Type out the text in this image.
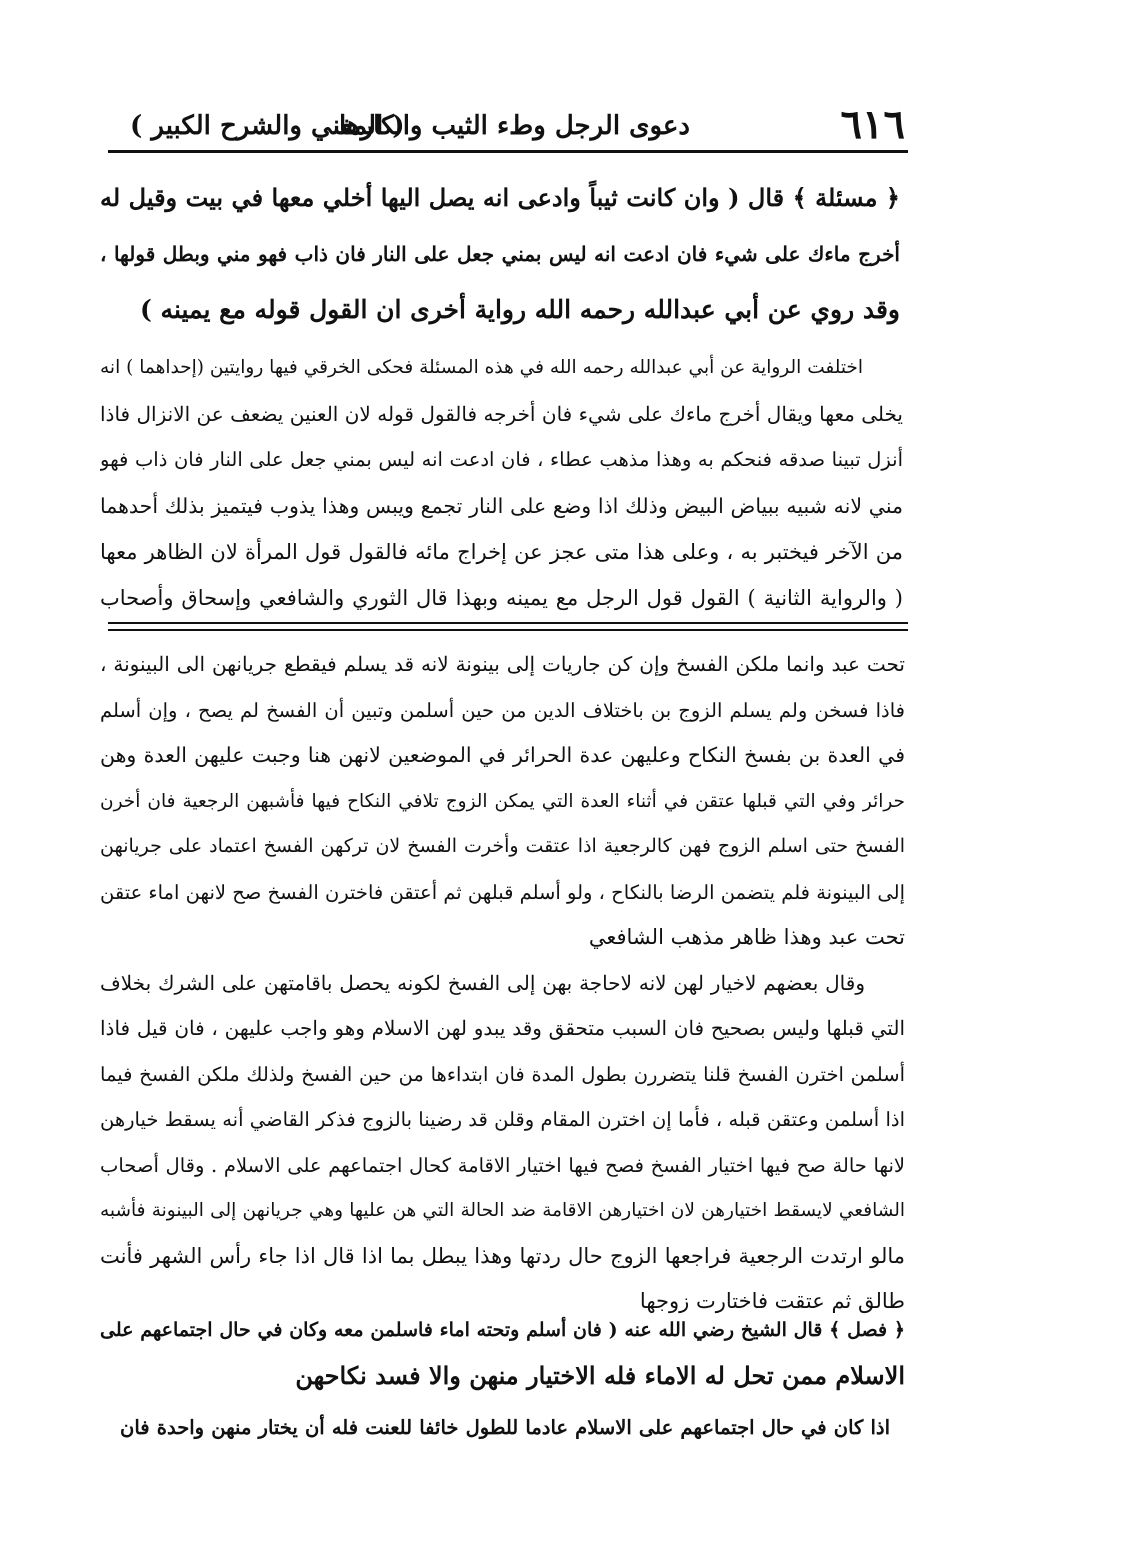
٦١٦
دعوى الرجل وطء الثيب وانكارها
( المغني والشرح الكبير )
﴿ مسئلة ﴾ قال ( وان كانت ثيباً وادعى انه يصل اليها أخلي معها في بيت وقيل له
أخرج ماءك على شيء فان ادعت انه ليس بمني جعل على النار فان ذاب فهو مني وبطل قولها ،
وقد روي عن أبي عبدالله رحمه الله رواية أخرى ان القول قوله مع يمينه )
اختلفت الرواية عن أبي عبدالله رحمه الله في هذه المسئلة فحكى الخرقي فيها روايتين (إحداهما ) انه
يخلى معها ويقال أخرج ماءك على شيء فان أخرجه فالقول قوله لان العنين يضعف عن الانزال فاذا
أنزل تبينا صدقه فنحكم به وهذا مذهب عطاء ، فان ادعت انه ليس بمني جعل على النار فان ذاب فهو
مني لانه شبيه ببياض البيض وذلك اذا وضع على النار تجمع ويبس وهذا يذوب فيتميز بذلك أحدهما
من الآخر فيختبر به ، وعلى هذا متى عجز عن إخراج مائه فالقول قول المرأة لان الظاهر معها
( والرواية الثانية ) القول قول الرجل مع يمينه وبهذا قال الثوري والشافعي وإسحاق وأصحاب
تحت عبد وانما ملكن الفسخ وإن كن جاريات إلى بينونة لانه قد يسلم فيقطع جريانهن الى البينونة ،
فاذا فسخن ولم يسلم الزوج بن باختلاف الدين من حين أسلمن وتبين أن الفسخ لم يصح ، وإن أسلم
في العدة بن بفسخ النكاح وعليهن عدة الحرائر في الموضعين لانهن هنا وجبت عليهن العدة وهن
حرائر وفي التي قبلها عتقن في أثناء العدة التي يمكن الزوج تلافي النكاح فيها فأشبهن الرجعية فان أخرن
الفسخ حتى اسلم الزوج فهن كالرجعية اذا عتقت وأخرت الفسخ لان تركهن الفسخ اعتماد على جريانهن
إلى البينونة فلم يتضمن الرضا بالنكاح ، ولو أسلم قبلهن ثم أعتقن فاخترن الفسخ صح لانهن اماء عتقن
تحت عبد وهذا ظاهر مذهب الشافعي
وقال بعضهم لاخيار لهن لانه لاحاجة بهن إلى الفسخ لكونه يحصل باقامتهن على الشرك بخلاف
التي قبلها وليس بصحيح فان السبب متحقق وقد يبدو لهن الاسلام وهو واجب عليهن ، فان قيل فاذا
أسلمن اخترن الفسخ قلنا يتضررن بطول المدة فان ابتداءها من حين الفسخ ولذلك ملكن الفسخ فيما
اذا أسلمن وعتقن قبله ، فأما إن اخترن المقام وقلن قد رضينا بالزوج فذكر القاضي أنه يسقط خيارهن
لانها حالة صح فيها اختيار الفسخ فصح فيها اختيار الاقامة كحال اجتماعهم على الاسلام . وقال أصحاب
الشافعي لايسقط اختيارهن لان اختيارهن الاقامة ضد الحالة التي هن عليها وهي جريانهن إلى البينونة فأشبه
مالو ارتدت الرجعية فراجعها الزوج حال ردتها وهذا يبطل بما اذا قال اذا جاء رأس الشهر فأنت
طالق ثم عتقت فاختارت زوجها
﴿ فصل ﴾ قال الشيخ رضي الله عنه ( فان أسلم وتحته اماء فاسلمن معه وكان في حال اجتماعهم على
الاسلام ممن تحل له الاماء فله الاختيار منهن والا فسد نكاحهن
اذا كان في حال اجتماعهم على الاسلام عادما للطول خائفا للعنت فله أن يختار منهن واحدة فان
